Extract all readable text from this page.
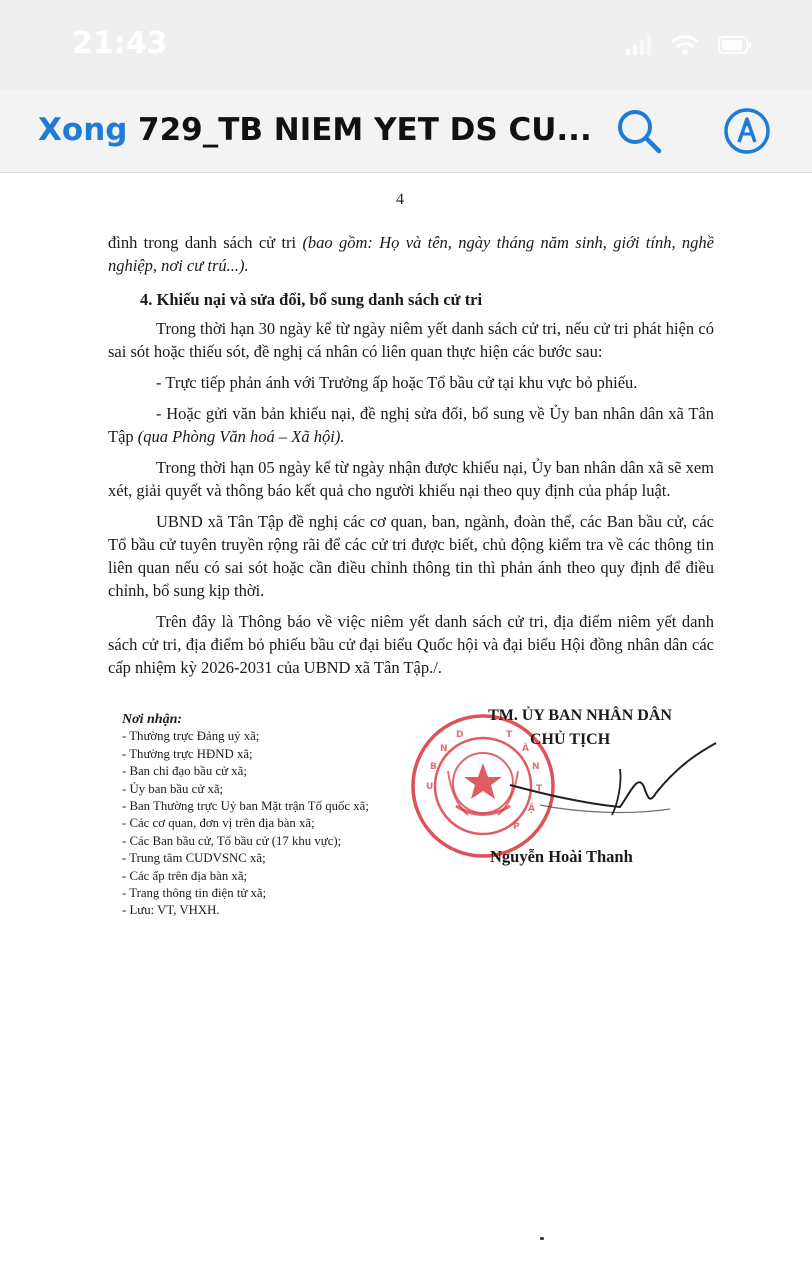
21:43
Xong 729_TB NIEM YET DS CU...
4

đình trong danh sách cử tri (bao gồm: Họ và tên, ngày tháng năm sinh, giới tính, nghề nghiệp, nơi cư trú...).

4. Khiếu nại và sửa đổi, bổ sung danh sách cử tri

Trong thời hạn 30 ngày kể từ ngày niêm yết danh sách cử tri, nếu cử tri phát hiện có sai sót hoặc thiếu sót, đề nghị cá nhân có liên quan thực hiện các bước sau:

- Trực tiếp phản ánh với Trưởng ấp hoặc Tổ bầu cử tại khu vực bỏ phiếu.

- Hoặc gửi văn bản khiếu nại, đề nghị sửa đổi, bổ sung về Ủy ban nhân dân xã Tân Tập (qua Phòng Văn hoá – Xã hội).

Trong thời hạn 05 ngày kể từ ngày nhận được khiếu nại, Ủy ban nhân dân xã sẽ xem xét, giải quyết và thông báo kết quả cho người khiếu nại theo quy định của pháp luật.

UBND xã Tân Tập đề nghị các cơ quan, ban, ngành, đoàn thể, các Ban bầu cử, các Tổ bầu cử tuyên truyền rộng rãi để các cử tri được biết, chủ động kiểm tra về các thông tin liên quan nếu có sai sót hoặc cần điều chỉnh thông tin thì phản ánh theo quy định để điều chỉnh, bổ sung kịp thời.

Trên đây là Thông báo về việc niêm yết danh sách cử tri, địa điểm niêm yết danh sách cử tri, địa điểm bỏ phiếu bầu cử đại biểu Quốc hội và đại biểu Hội đồng nhân dân các cấp nhiệm kỳ 2026-2031 của UBND xã Tân Tập./.

Nơi nhận:
- Thường trực Đảng uỷ xã;
- Thường trực HĐND xã;
- Ban chỉ đạo bầu cử xã;
- Ủy ban bầu cử xã;
- Ban Thường trực Uỷ ban Mặt trận Tổ quốc xã;
- Các cơ quan, đơn vị trên địa bàn xã;
- Các Ban bầu cử, Tổ bầu cử (17 khu vực);
- Trung tâm CUDVSNC xã;
- Các ấp trên địa bàn xã;
- Trang thông tin điện tử xã;
- Lưu: VT, VHXH.
U
B
N
D	T
Â
N
T
Ậ
P
TM. ỦY BAN NHÂN DÂN
CHỦ TỊCH
Nguyễn Hoài Thanh
